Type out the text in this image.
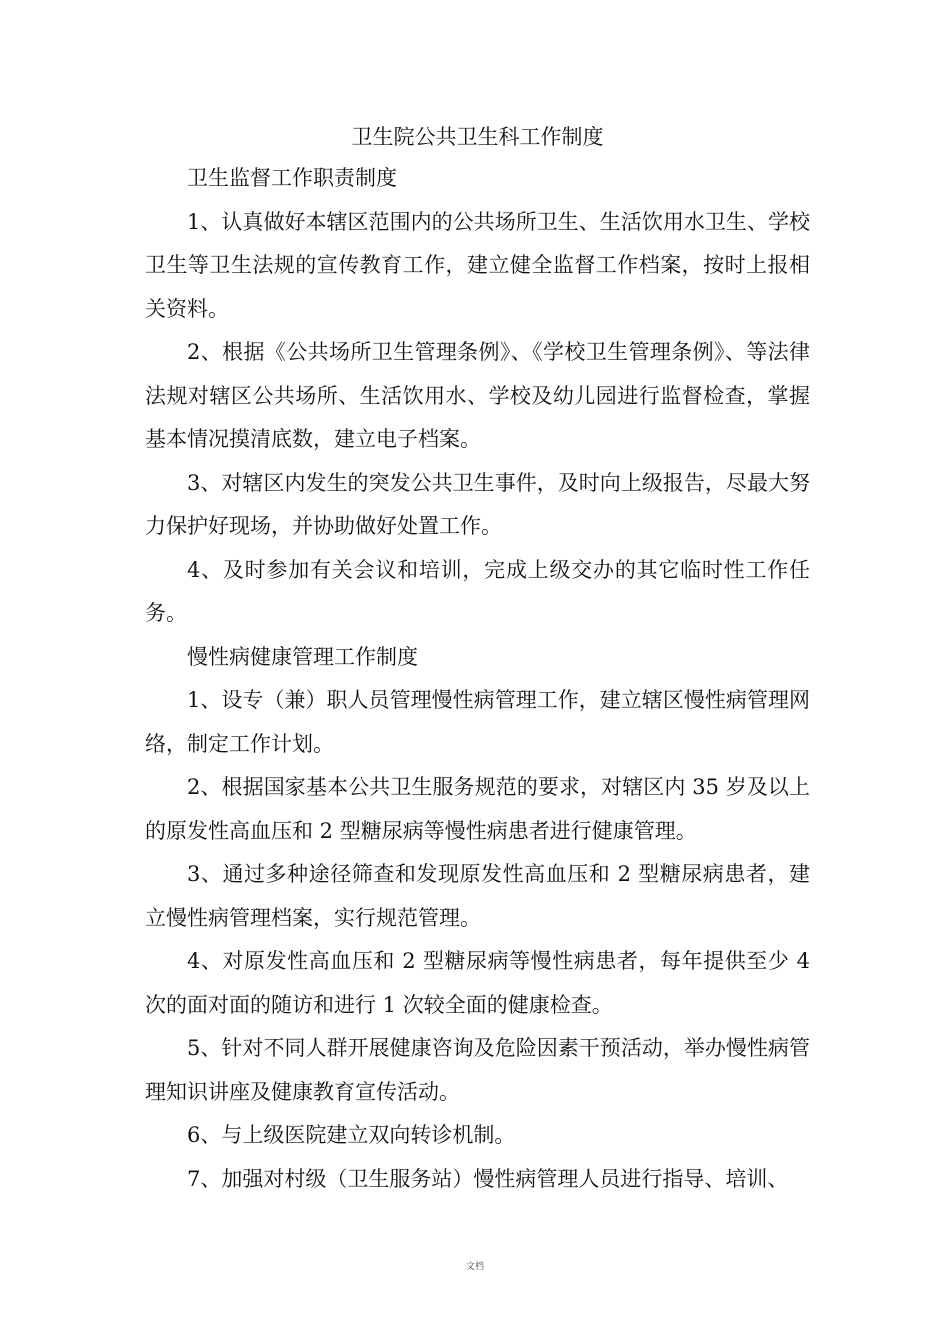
卫生院公共卫生科工作制度

卫生监督工作职责制度

1、认真做好本辖区范围内的公共场所卫生、生活饮用水卫生、学校卫生等卫生法规的宣传教育工作，建立健全监督工作档案，按时上报相关资料。

2、根据《公共场所卫生管理条例》、《学校卫生管理条例》、等法律法规对辖区公共场所、生活饮用水、学校及幼儿园进行监督检查，掌握基本情况摸清底数，建立电子档案。

3、对辖区内发生的突发公共卫生事件，及时向上级报告，尽最大努力保护好现场，并协助做好处置工作。

4、及时参加有关会议和培训，完成上级交办的其它临时性工作任务。

慢性病健康管理工作制度

1、设专（兼）职人员管理慢性病管理工作，建立辖区慢性病管理网络，制定工作计划。

2、根据国家基本公共卫生服务规范的要求，对辖区内 35 岁及以上的原发性高血压和 2 型糖尿病等慢性病患者进行健康管理。

3、通过多种途径筛查和发现原发性高血压和 2 型糖尿病患者，建立慢性病管理档案，实行规范管理。

4、对原发性高血压和 2 型糖尿病等慢性病患者，每年提供至少 4 次的面对面的随访和进行 1 次较全面的健康检查。

5、针对不同人群开展健康咨询及危险因素干预活动，举办慢性病管理知识讲座及健康教育宣传活动。

6、与上级医院建立双向转诊机制。

7、加强对村级（卫生服务站）慢性病管理人员进行指导、培训、

文档
